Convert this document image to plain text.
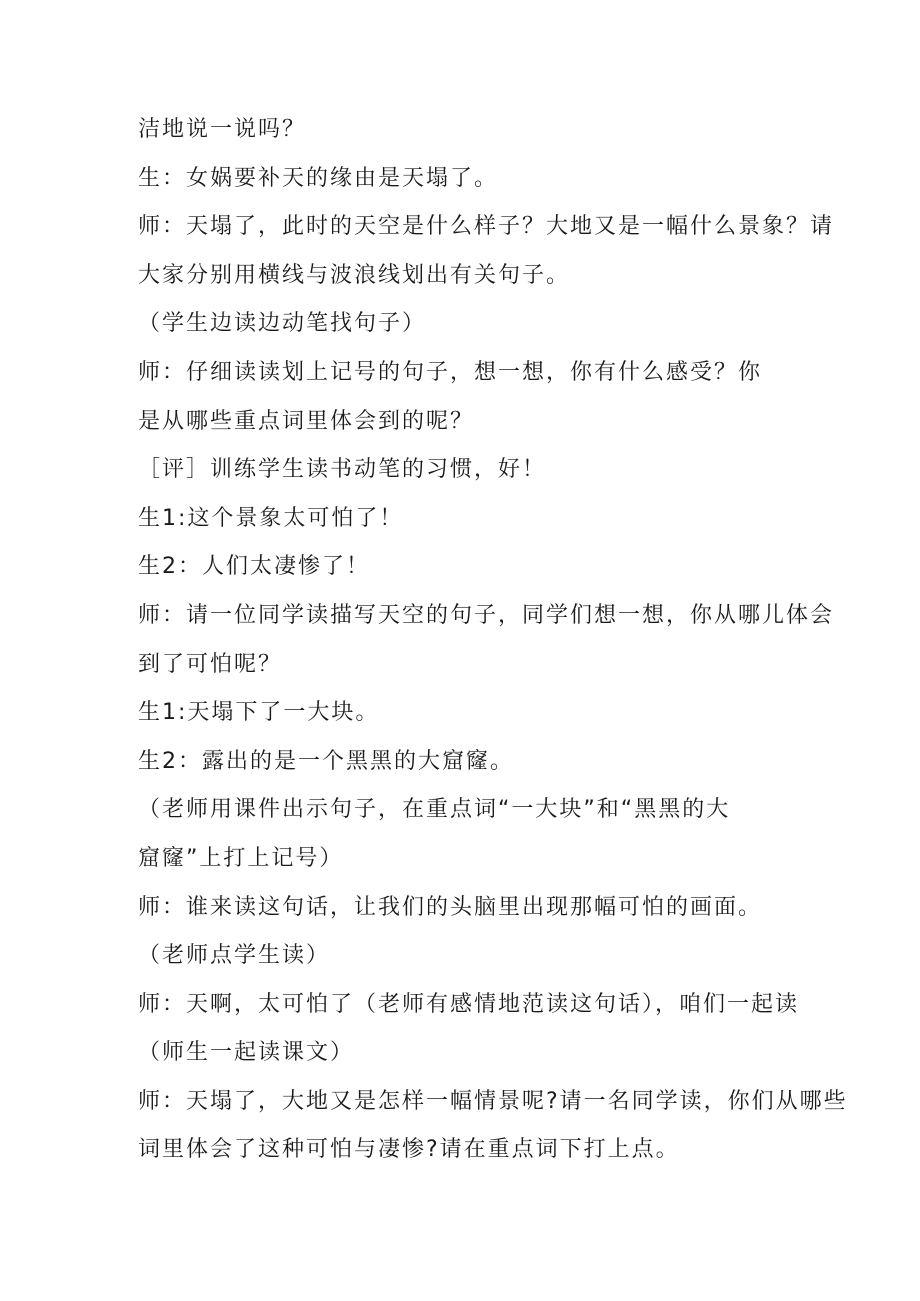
洁地说一说吗？
生：女娲要补天的缘由是天塌了。
师：天塌了，此时的天空是什么样子？大地又是一幅什么景象？请
大家分别用横线与波浪线划出有关句子。
（学生边读边动笔找句子）
师：仔细读读划上记号的句子，想一想，你有什么感受？你
是从哪些重点词里体会到的呢？
［评］训练学生读书动笔的习惯，好！
生1:这个景象太可怕了！
生2：人们太凄惨了！
师：请一位同学读描写天空的句子，同学们想一想，你从哪儿体会
到了可怕呢？
生1:天塌下了一大块。
生2：露出的是一个黑黑的大窟窿。
（老师用课件出示句子，在重点词“一大块”和“黑黑的大
窟窿”上打上记号）
师：谁来读这句话，让我们的头脑里出现那幅可怕的画面。
（老师点学生读）
师：天啊，太可怕了（老师有感情地范读这句话），咱们一起读
（师生一起读课文）
师：天塌了，大地又是怎样一幅情景呢?请一名同学读，你们从哪些
词里体会了这种可怕与凄惨?请在重点词下打上点。
